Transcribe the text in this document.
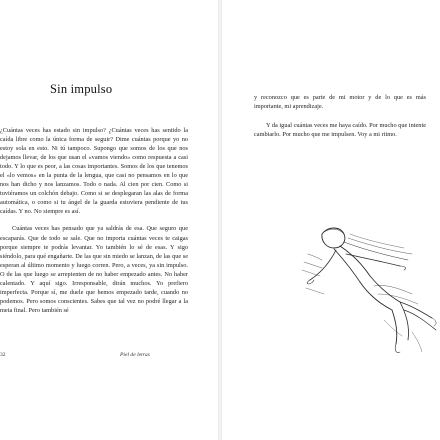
Sin impulso

¿Cuántas veces has estado sin impulso? ¿Cuántas veces has sentido la caída libre como la única forma de seguir? Dime cuántas porque yo no estoy sola en esto. Ni tú tampoco. Supongo que somos de los que nos dejamos llevar, de los que usan el «vamos viendo» como respuesta a casi todo. Y lo que es peor, a las cosas importantes. Somos de los que tenemos el «lo vemos» en la punta de la lengua, que casi no pensamos en lo que nos han dicho y nos lanzamos. Todo o nada. Al cien por cien. Como si tuviéramos un colchón debajo. Como si se desplegaran las alas de forma automática, o como si tu ángel de la guarda estuviera pendiente de tus caídas. Y no. No siempre es así.

Cuántas veces has pensado que ya saldrás de esa. Que seguro que escaparás. Que de todo se sale. Que no importa cuántas veces te caigas porque siempre te podrás levantar. Yo también lo sé de esas. Y sigo siéndolo, para qué engañarte. De las que sin miedo se lanzan, de las que se esperan al último momento y luego corren. Pero, a veces, ya sin impulso. O de las que luego se arrepienten de no haber empezado antes. No haber calentado. Y aquí sigo. Irresponsable, dirán muchos. Yo prefiero imperfecta. Porque sí, me duele que hemos empezado tarde, cuando no podemos. Pero somos conscientes. Sabes que tal vez no podré llegar a la meta final. Pero también sé

32	Piel de letras

y reconozco que es parte de mi motor y de lo que es más importante, mi aprendizaje.

Y da igual cuántas veces me haya caído. Por mucho que intente cambiarlo. Por mucho que me impulsen. Voy a mi ritmo.
